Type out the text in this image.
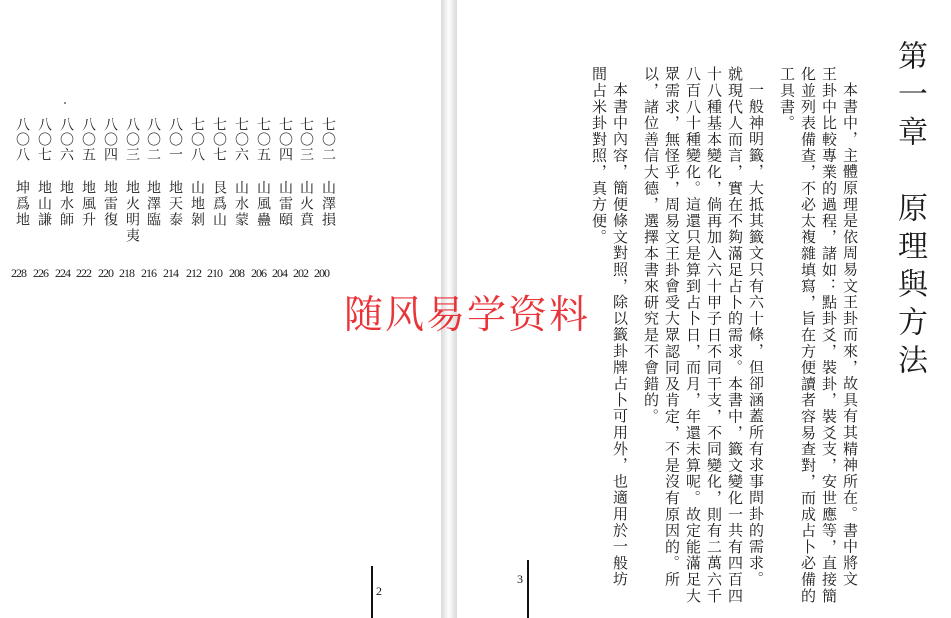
七〇二
山澤損
200
七〇三
山火賁
202
七〇四
山雷頤
204
七〇五
山風蠱
206
七〇六
山水蒙
208
七〇七
艮爲山
210
七〇八
山地剝
212
八〇一
地天泰
214
八〇二
地澤臨
216
八〇三
地火明夷
218
八〇四
地雷復
220
八〇五
地風升
222
八〇六
地水師
224
八〇七
地山謙
226
八〇八
坤爲地
228
2
第一章　原理與方法
本書中，主體原理是依周易文王卦而來，故具有其精神所在。書中將文
王卦中比較專業的過程，諸如：點卦爻，裝卦，裝爻支，安世應等，直接簡
化並列表備查，不必太複雜填寫，旨在方便讀者容易查對，而成占卜必備的
工具書。
一般神明籤，大抵其籤文只有六十條，但卻涵蓋所有求事問卦的需求。
就現代人而言，實在不夠滿足占卜的需求。本書中，籤文變化一共有四百四
十八種基本變化，倘再加入六十甲子日不同干支，不同變化，則有二萬六千
八百八十種變化。這還只是算到占卜日，而月，年還未算呢。故定能滿足大
眾需求，無怪乎，周易文王卦會受大眾認同及肯定，不是沒有原因的。所
以，諸位善信大德，選擇本書來研究是不會錯的。
本書中內容，簡便條文對照，除以籤卦牌占卜可用外，也適用於一般坊
間占米卦對照，真方便。
3
随风易学资料
